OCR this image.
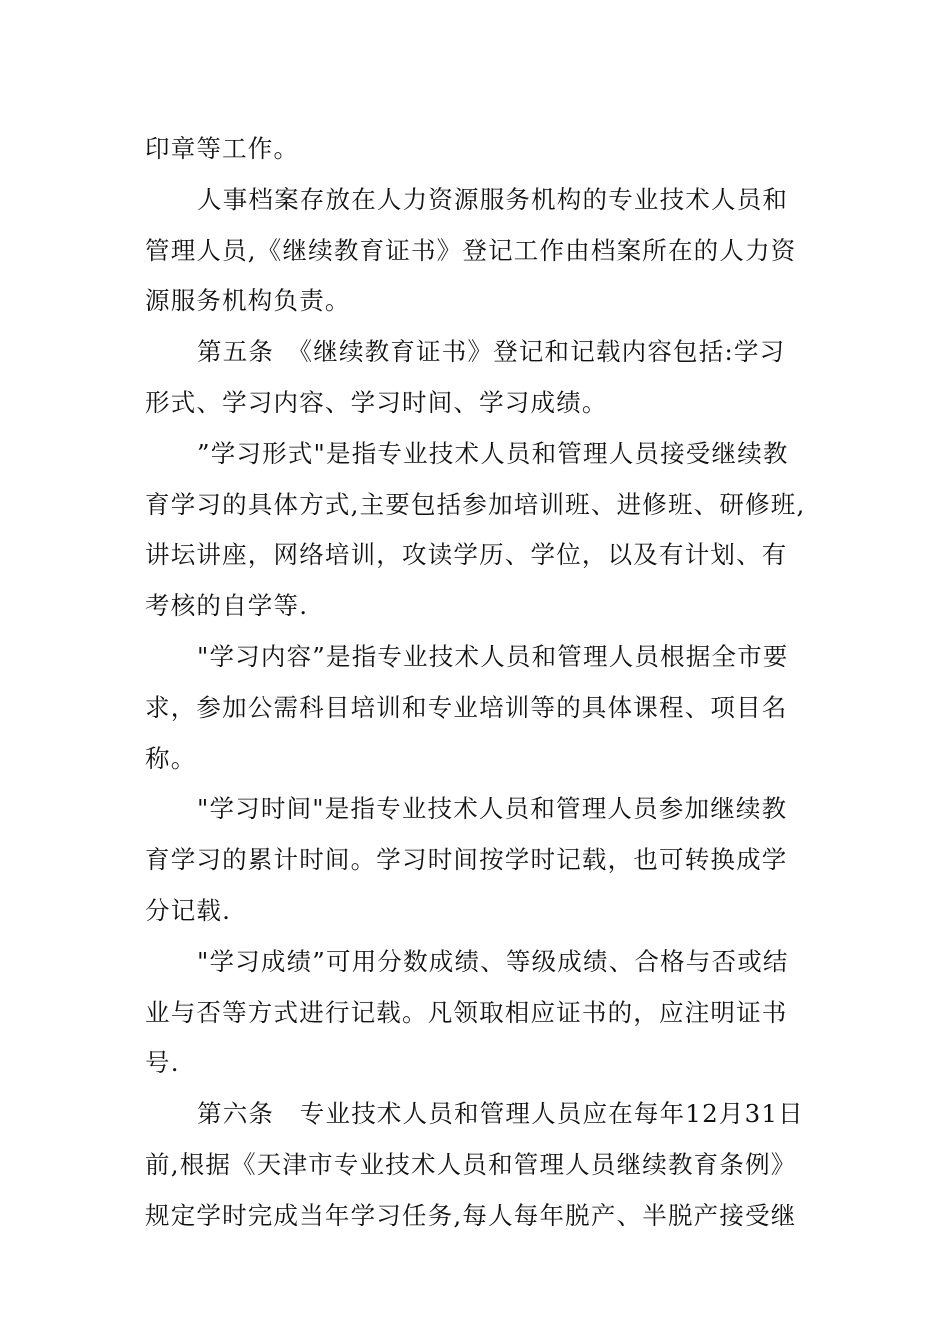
印章等工作。
人事档案存放在人力资源服务机构的专业技术人员和
管理人员,《继续教育证书》登记工作由档案所在的人力资
源服务机构负责。
第五条　《继续教育证书》登记和记载内容包括:学习
形式、学习内容、学习时间、学习成绩。
”学习形式"是指专业技术人员和管理人员接受继续教
育学习的具体方式,主要包括参加培训班、进修班、研修班,
讲坛讲座，网络培训，攻读学历、学位，以及有计划、有
考核的自学等.
"学习内容”是指专业技术人员和管理人员根据全市要
求，参加公需科目培训和专业培训等的具体课程、项目名
称。
"学习时间"是指专业技术人员和管理人员参加继续教
育学习的累计时间。学习时间按学时记载，也可转换成学
分记载.
"学习成绩”可用分数成绩、等级成绩、合格与否或结
业与否等方式进行记载。凡领取相应证书的，应注明证书
号.
第六条　专业技术人员和管理人员应在每年12月31日
前,根据《天津市专业技术人员和管理人员继续教育条例》
规定学时完成当年学习任务,每人每年脱产、半脱产接受继
